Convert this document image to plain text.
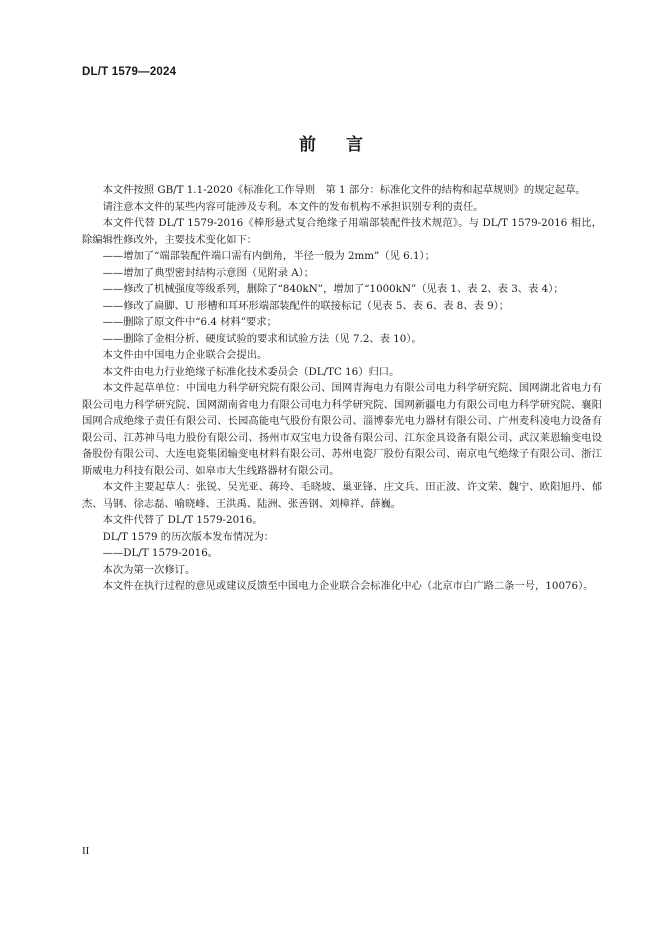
DL/T 1579—2024
前言

本文件按照 GB/T 1.1-2020《标准化工作导则　第 1 部分：标准化文件的结构和起草规则》的规定起草。

请注意本文件的某些内容可能涉及专利。本文件的发布机构不承担识别专利的责任。

本文件代替 DL/T 1579-2016《棒形悬式复合绝缘子用端部装配件技术规范》。与 DL/T 1579-2016 相比，除编辑性修改外，主要技术变化如下：

——增加了“端部装配件端口需有内倒角，半径一般为 2mm”（见 6.1）；

——增加了典型密封结构示意图（见附录 A）；

——修改了机械强度等级系列，删除了“840kN”，增加了“1000kN”（见表 1、表 2、表 3、表 4）；

——修改了扁脚、U 形槽和耳环形端部装配件的联接标记（见表 5、表 6、表 8、表 9）；

——删除了原文件中“6.4 材料”要求；

——删除了金相分析、硬度试验的要求和试验方法（见 7.2、表 10）。

本文件由中国电力企业联合会提出。

本文件由电力行业绝缘子标准化技术委员会（DL/TC 16）归口。

本文件起草单位：中国电力科学研究院有限公司、国网青海电力有限公司电力科学研究院、国网湖北省电力有限公司电力科学研究院、国网湖南省电力有限公司电力科学研究院、国网新疆电力有限公司电力科学研究院、襄阳国网合成绝缘子责任有限公司、长园高能电气股份有限公司、淄博泰光电力器材有限公司、广州麦科凌电力设备有限公司、江苏神马电力股份有限公司、扬州市双宝电力设备有限公司、江东金具设备有限公司、武汉莱恩输变电设备股份有限公司、大连电瓷集团输变电材料有限公司、苏州电瓷厂股份有限公司、南京电气绝缘子有限公司、浙江斯威电力科技有限公司、如皋市大生线路器材有限公司。

本文件主要起草人：张锐、吴光亚、蒋玲、毛晓坡、巢亚锋、庄文兵、田正波、许文荣、魏宁、欧阳旭丹、郁杰、马钢、徐志磊、喻晓峰、王洪禹、陆洲、张善钢、刘樟祥、薛巍。

本文件代替了 DL/T 1579-2016。

DL/T 1579 的历次版本发布情况为：

——DL/T 1579-2016。

本次为第一次修订。

本文件在执行过程的意见或建议反馈至中国电力企业联合会标准化中心（北京市白广路二条一号，10076）。

II
